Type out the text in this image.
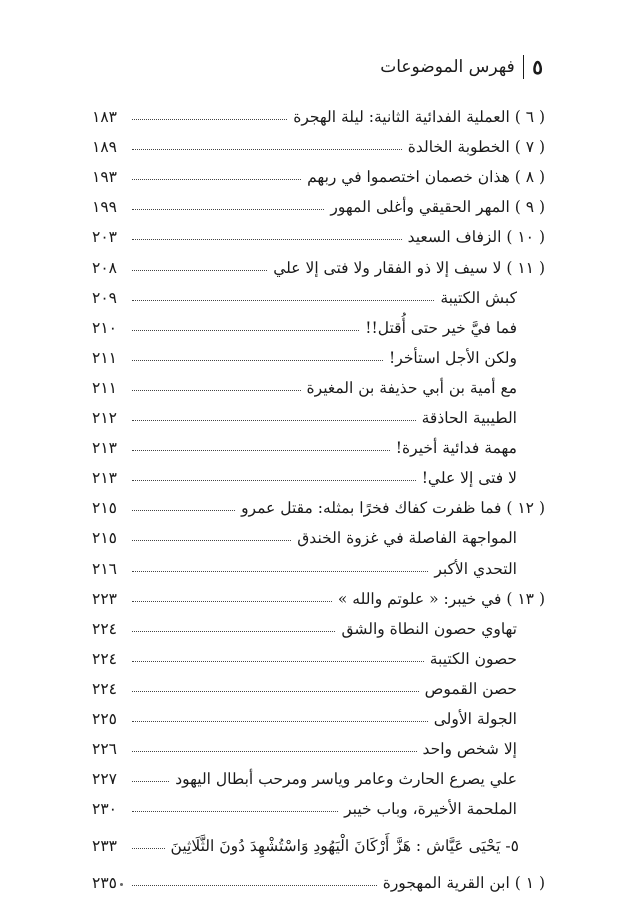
٥
فهرس الموضوعات
( ٦ ) العملية الفدائية الثانية: ليلة الهجرة
١٨٣
( ٧ ) الخطوبة الخالدة
١٨٩
( ٨ ) هذان خصمان اختصموا في ربهم
١٩٣
( ٩ ) المهر الحقيقي وأغلى المهور
١٩٩
( ١٠ ) الزفاف السعيد
٢٠٣
( ١١ ) لا سيف إلا ذو الفقار ولا فتى إلا علي
٢٠٨
كبش الكتيبة
٢٠٩
فما فيَّ خير حتى أُقتل!!
٢١٠
ولكن الأجل استأخر!
٢١١
مع أمية بن أبي حذيفة بن المغيرة
٢١١
الطيبية الحاذقة
٢١٢
مهمة فدائية أخيرة!
٢١٣
لا فتى إلا علي!
٢١٣
( ١٢ ) فما ظفرت كفاك فخرًا بمثله: مقتل عمرو
٢١٥
المواجهة الفاصلة في غزوة الخندق
٢١٥
التحدي الأكبر
٢١٦
( ١٣ ) في خيبر: « علوتم والله »
٢٢٣
تهاوي حصون النطاة والشق
٢٢٤
حصون الكتيبة
٢٢٤
حصن القموص
٢٢٤
الجولة الأولى
٢٢٥
إلا شخص واحد
٢٢٦
علي يصرع الحارث وعامر وياسر ومرحب أبطال اليهود
٢٢٧
الملحمة الأخيرة، وباب خيبر
٢٣٠
٥- يَحْيَى عَيَّاش : هَزَّ أَرْكَانَ الْيَهُودِ وَاسْتُشْهِدَ دُونَ الثَّلَاثِينَ
٢٣٣
( ١ ) ابن القرية المهجورة
٢٣٥
